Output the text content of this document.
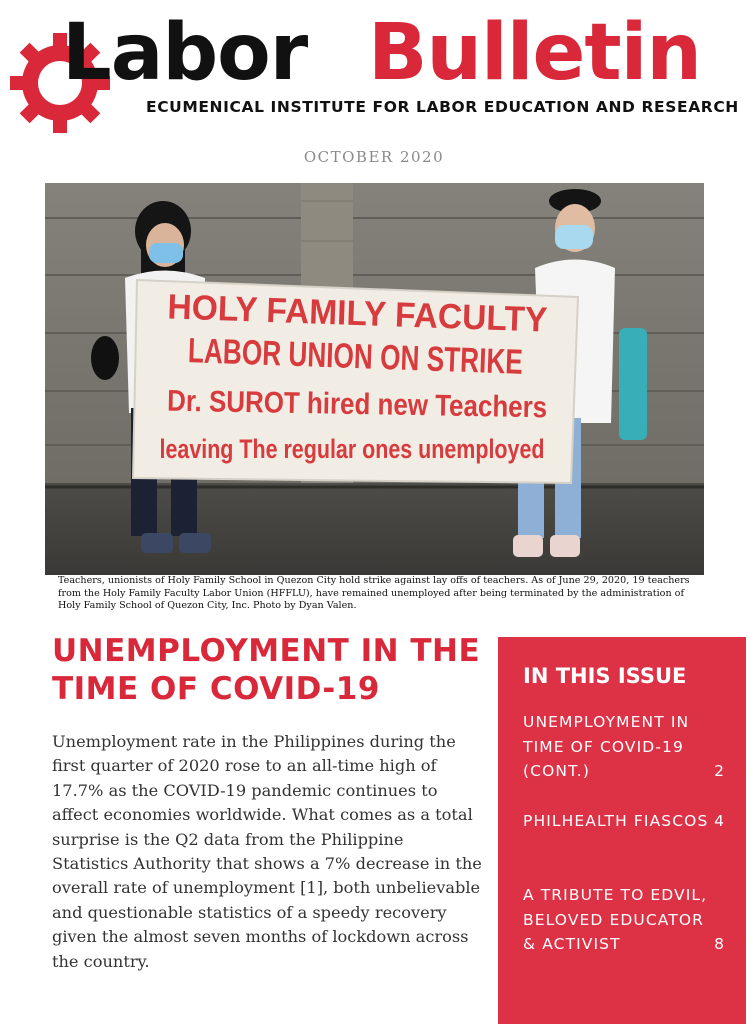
Labor Bulletin
ECUMENICAL INSTITUTE FOR LABOR EDUCATION AND RESEARCH
OCTOBER 2020
HOLY FAMILY FACULTY
LABOR UNION ON STRIKE
Dr. SUROT hired new Teachers
leaving The regular ones unemployed
Teachers, unionists of Holy Family School in Quezon City hold strike against lay offs of teachers. As of June 29, 2020, 19 teachers from the Holy Family Faculty Labor Union (HFFLU), have remained unemployed after being terminated by the administration of Holy Family School of Quezon City, Inc. Photo by Dyan Valen.
UNEMPLOYMENT IN THE TIME OF COVID-19
Unemployment rate in the Philippines during the first quarter of 2020 rose to an all-time high of 17.7% as the COVID-19 pandemic continues to affect economies worldwide. What comes as a total surprise is the Q2 data from the Philippine Statistics Authority that shows a 7% decrease in the overall rate of unemployment [1], both unbelievable and questionable statistics of a speedy recovery given the almost seven months of lockdown across the country.
IN THIS ISSUE
UNEMPLOYMENT IN TIME OF COVID-19 (CONT.)	2
PHILHEALTH FIASCOS 4
A TRIBUTE TO EDVIL, BELOVED EDUCATOR & ACTIVIST	8
